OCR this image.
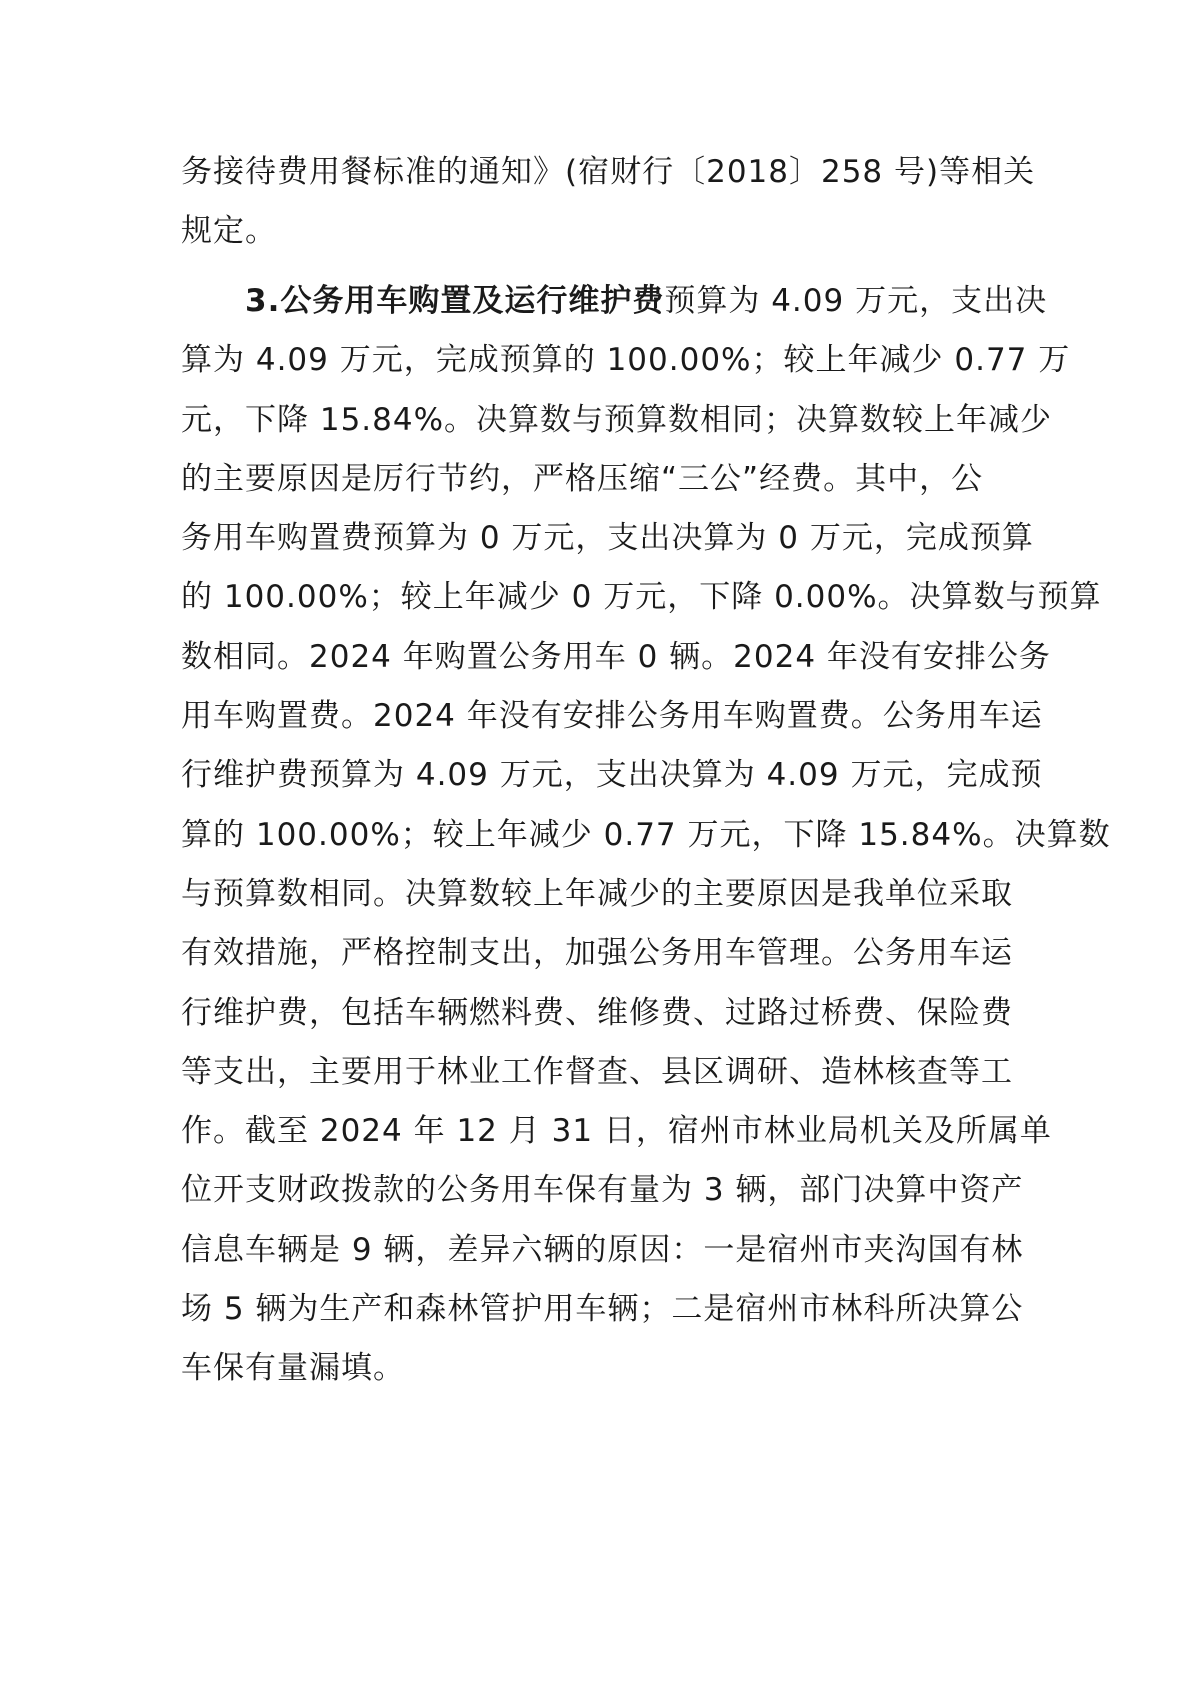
务接待费用餐标准的通知》(宿财行〔2018〕258 号)等相关
规定。
3.公务用车购置及运行维护费预算为 4.09 万元，支出决
算为 4.09 万元，完成预算的 100.00%；较上年减少 0.77 万
元，下降 15.84%。决算数与预算数相同；决算数较上年减少
的主要原因是厉行节约，严格压缩“三公”经费。其中，公
务用车购置费预算为 0 万元，支出决算为 0 万元，完成预算
的 100.00%；较上年减少 0 万元，下降 0.00%。决算数与预算
数相同。2024 年购置公务用车 0 辆。2024 年没有安排公务
用车购置费。2024 年没有安排公务用车购置费。公务用车运
行维护费预算为 4.09 万元，支出决算为 4.09 万元，完成预
算的 100.00%；较上年减少 0.77 万元，下降 15.84%。决算数
与预算数相同。决算数较上年减少的主要原因是我单位采取
有效措施，严格控制支出，加强公务用车管理。公务用车运
行维护费，包括车辆燃料费、维修费、过路过桥费、保险费
等支出，主要用于林业工作督查、县区调研、造林核查等工
作。截至 2024 年 12 月 31 日，宿州市林业局机关及所属单
位开支财政拨款的公务用车保有量为 3 辆，部门决算中资产
信息车辆是 9 辆，差异六辆的原因：一是宿州市夹沟国有林
场 5 辆为生产和森林管护用车辆；二是宿州市林科所决算公
车保有量漏填。
